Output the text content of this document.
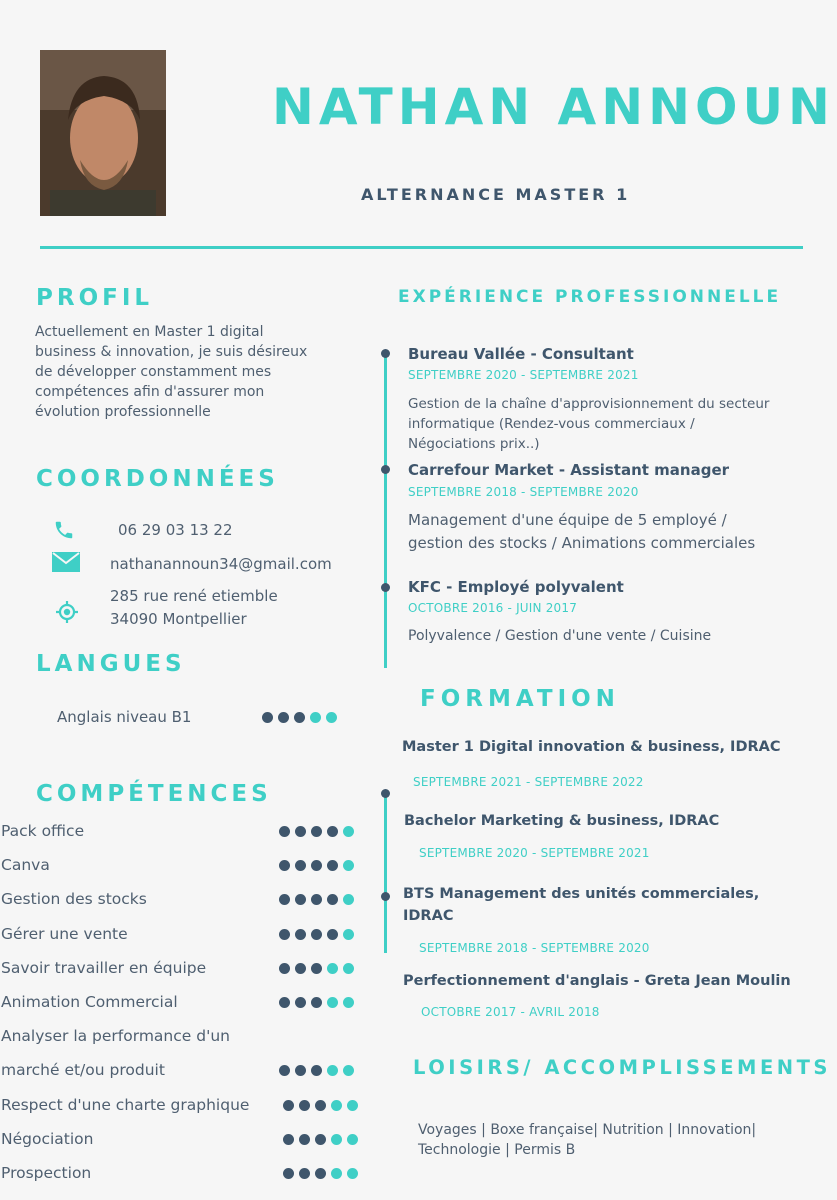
NATHAN ANNOUN
ALTERNANCE MASTER 1
PROFIL
Actuellement en Master 1 digital
business & innovation, je suis désireux
de développer constamment mes
compétences afin d'assurer mon
évolution professionnelle
COORDONNÉES
06 29 03 13 22
nathanannoun34@gmail.com
285 rue rené etiemble
34090 Montpellier
LANGUES
Anglais niveau B1
COMPÉTENCES
Pack office
Canva
Gestion des stocks
Gérer une vente
Savoir travailler en équipe
Animation Commercial
Analyser la performance d'un
marché et/ou produit
Respect d'une charte graphique
Négociation
Prospection
EXPÉRIENCE PROFESSIONNELLE
Bureau Vallée - Consultant
SEPTEMBRE 2020 - SEPTEMBRE 2021
Gestion de la chaîne d'approvisionnement du secteur
informatique (Rendez-vous commerciaux /
Négociations prix..)
Carrefour Market - Assistant manager
SEPTEMBRE 2018 - SEPTEMBRE 2020
Management d'une équipe de 5 employé /
gestion des stocks / Animations commerciales
KFC - Employé polyvalent
OCTOBRE 2016 - JUIN 2017
Polyvalence / Gestion d'une vente / Cuisine
FORMATION
Master 1 Digital innovation & business, IDRAC
SEPTEMBRE 2021 - SEPTEMBRE 2022
Bachelor Marketing & business, IDRAC
SEPTEMBRE 2020 - SEPTEMBRE 2021
BTS Management des unités commerciales,
IDRAC
SEPTEMBRE 2018 - SEPTEMBRE 2020
Perfectionnement d'anglais - Greta Jean Moulin
OCTOBRE 2017 - AVRIL 2018
LOISIRS/ ACCOMPLISSEMENTS
Voyages | Boxe française| Nutrition | Innovation|
Technologie | Permis B
